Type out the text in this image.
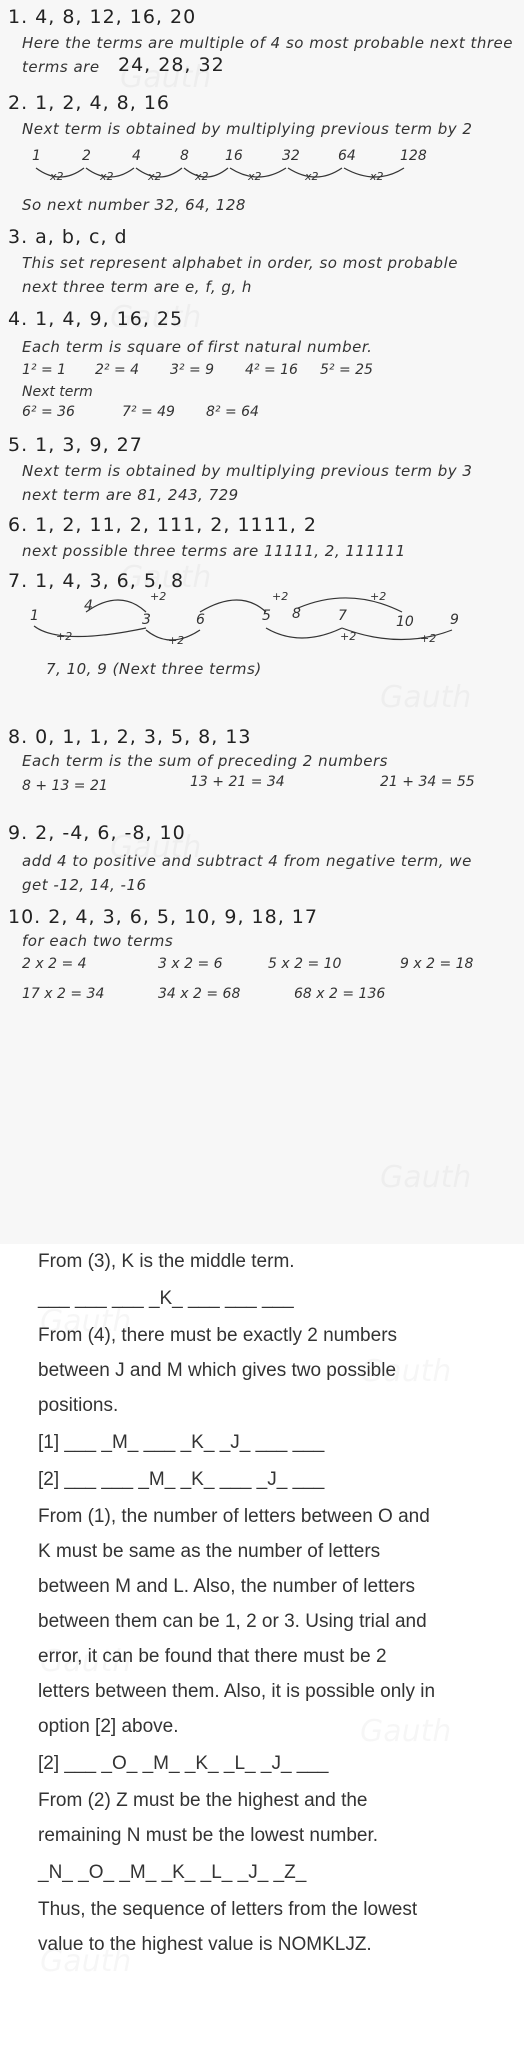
1. 4, 8, 12, 16, 20
Here the terms are multiple of 4 so most probable next three
terms are 24, 28, 32
2. 1, 2, 4, 8, 16
Next term is obtained by multiplying previous term by 2
1	2	4	8	16	32	64	128
x2	x2	x2	x2	x2	x2	x2
So next number 32, 64, 128
3. a, b, c, d
This set represent alphabet in order, so most probable
next three term are e, f, g, h
4. 1, 4, 9, 16, 25
Each term is square of first natural number.
1² = 1 2² = 4 3² = 9 4² = 16 5² = 25
Next term
6² = 36	7² = 49 8² = 64
5. 1, 3, 9, 27
Next term is obtained by multiplying previous term by 3
next term are 81, 243, 729
6. 1, 2, 11, 2, 111, 2, 1111, 2
next possible three terms are 11111, 2, 111111
7. 1, 4, 3, 6, 5, 8
+2	+2	+2
1
4
3	6	5 8	7	10	9
+2	+2	+2	+2
7, 10, 9 (Next three terms)
8. 0, 1, 1, 2, 3, 5, 8, 13
Each term is the sum of preceding 2 numbers
8 + 13 = 21	13 + 21 = 34	21 + 34 = 55
9. 2, -4, 6, -8, 10
add 4 to positive and subtract 4 from negative term, we
get -12, 14, -16
10. 2, 4, 3, 6, 5, 10, 9, 18, 17
for each two terms
2 x 2 = 4	3 x 2 = 6	5 x 2 = 10	9 x 2 = 18
17 x 2 = 34	34 x 2 = 68	68 x 2 = 136
From (3), K is the middle term.
___ ___ ___ _K_ ___ ___ ___
From (4), there must be exactly 2 numbers
between J and M which gives two possible
positions.
[1] ___ _M_ ___ _K_ _J_ ___ ___
[2] ___ ___ _M_ _K_ ___ _J_ ___
From (1), the number of letters between O and
K must be same as the number of letters
between M and L. Also, the number of letters
between them can be 1, 2 or 3. Using trial and
error, it can be found that there must be 2
letters between them. Also, it is possible only in
option [2] above.
[2] ___ _O_ _M_ _K_ _L_ _J_ ___
From (2) Z must be the highest and the
remaining N must be the lowest number.
_N_ _O_ _M_ _K_ _L_ _J_ _Z_
Thus, the sequence of letters from the lowest
value to the highest value is NOMKLJZ.
